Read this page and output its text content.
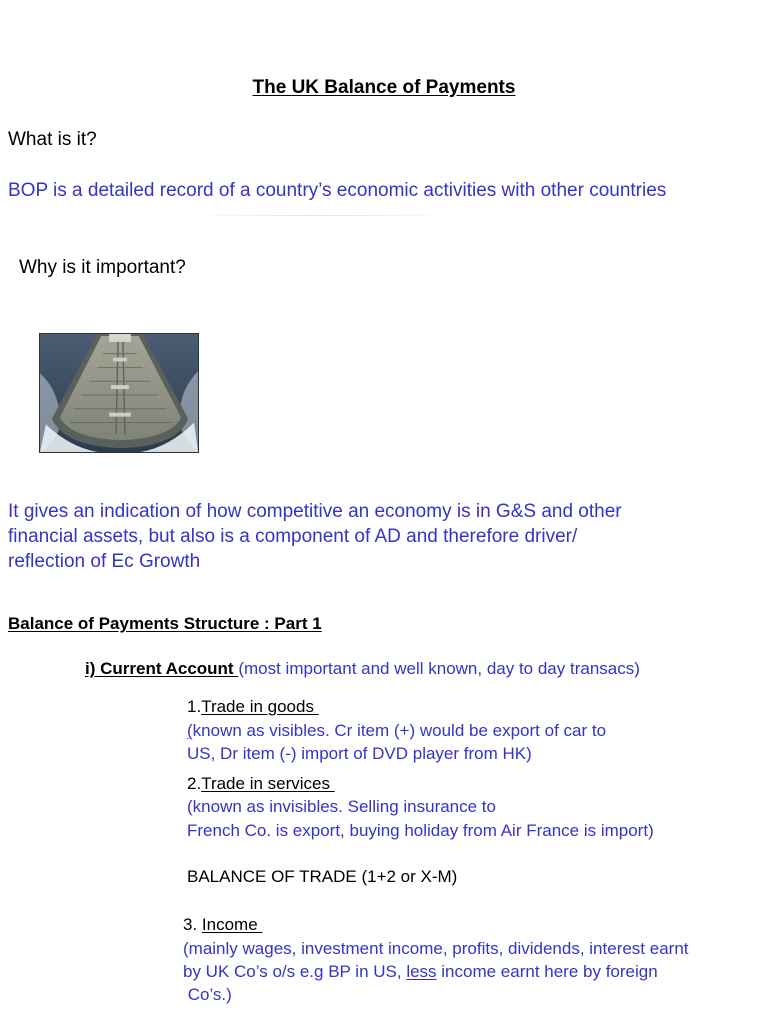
The UK Balance of Payments

What is it?

BOP is a detailed record of a country’s economic activities with other countries

Why is it important?

It gives an indication of how competitive an economy is in G&S and other
financial assets, but also is a component of AD and therefore driver/
reflection of Ec Growth

Balance of Payments Structure : Part 1

i) Current Account (most important and well known, day to day transacs)

1.Trade in goods

(known as visibles. Cr item (+) would be export of car to
US, Dr item (-) import of DVD player from HK)

2.Trade in services

(known as invisibles. Selling insurance to
French Co. is export, buying holiday from Air France is import)

BALANCE OF TRADE (1+2 or X-M)

3. Income

(mainly wages, investment income, profits, dividends, interest earnt
by UK Co’s o/s e.g BP in US, less income earnt here by foreign
Co’s.)
